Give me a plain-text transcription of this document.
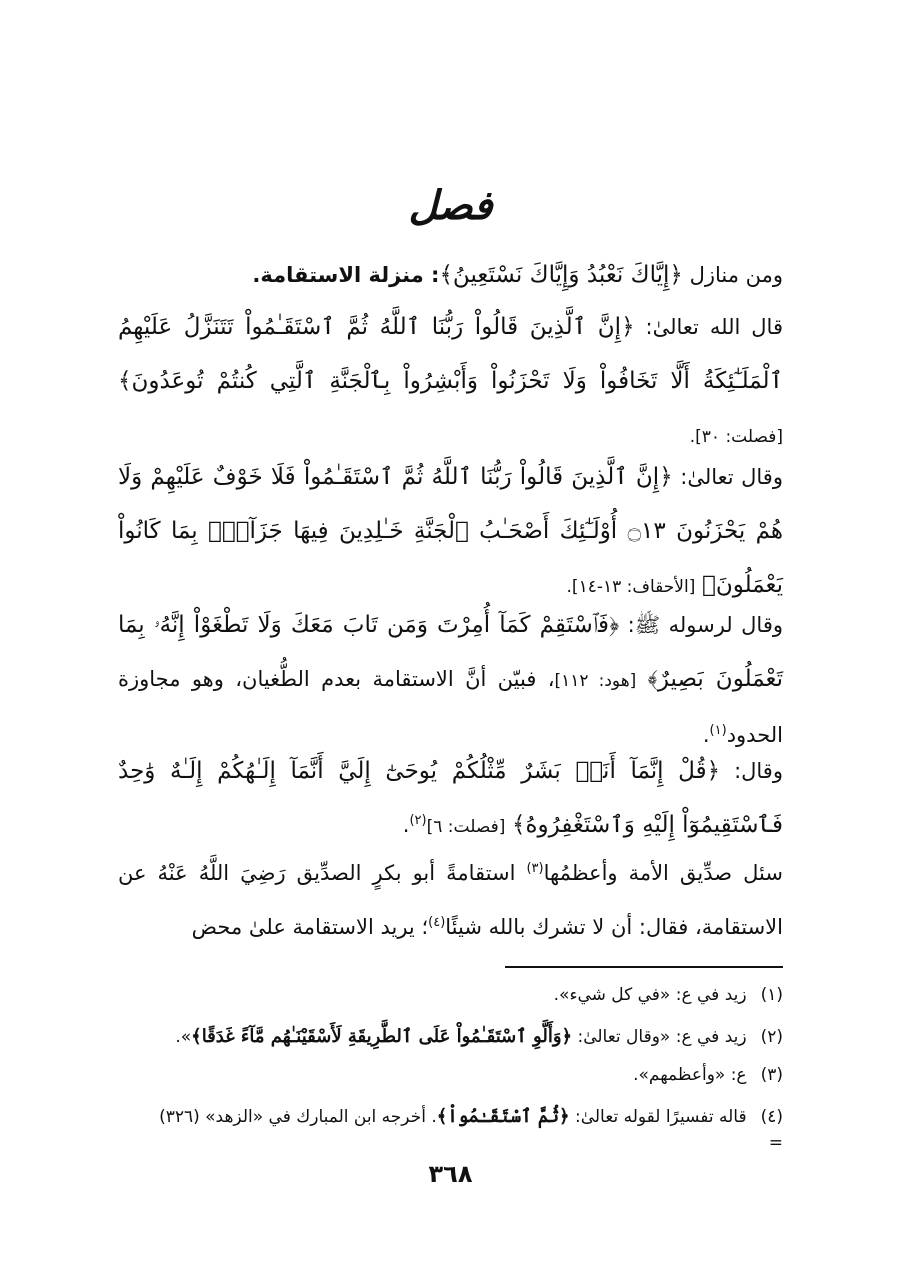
فصل
ومن منازل ﴿إِيَّاكَ نَعْبُدُ وَإِيَّاكَ نَسْتَعِينُ﴾: منزلة الاستقامة.
قال الله تعالىٰ: ﴿إِنَّ ٱلَّذِينَ قَالُواْ رَبُّنَا ٱللَّهُ ثُمَّ ٱسْتَقَـٰمُواْ تَتَنَزَّلُ عَلَيْهِمُ ٱلْمَلَـٰٓئِكَةُ أَلَّا تَخَافُواْ وَلَا تَحْزَنُواْ وَأَبْشِرُواْ بِٱلْجَنَّةِ ٱلَّتِي كُنتُمْ تُوعَدُونَ﴾ [فصلت: ٣٠].
وقال تعالىٰ: ﴿إِنَّ ٱلَّذِينَ قَالُواْ رَبُّنَا ٱللَّهُ ثُمَّ ٱسْتَقَـٰمُواْ فَلَا خَوْفٌ عَلَيْهِمْ وَلَا هُمْ يَحْزَنُونَ ۝١٣ أُوْلَـٰٓئِكَ أَصْحَـٰبُ ٱلْجَنَّةِ خَـٰلِدِينَ فِيهَا جَزَآءًۢ بِمَا كَانُواْ يَعْمَلُونَ﴾ [الأحقاف: ١٣-١٤].
وقال لرسوله ﷺ: ﴿فَٱسْتَقِمْ كَمَآ أُمِرْتَ وَمَن تَابَ مَعَكَ وَلَا تَطْغَوْاْ إِنَّهُۥ بِمَا تَعْمَلُونَ بَصِيرٌ﴾ [هود: ١١٢]، فبيّن أنَّ الاستقامة بعدم الطُّغيان، وهو مجاوزة الحدود$^{(١)}$.
وقال: ﴿قُلْ إِنَّمَآ أَنَا۠ بَشَرٌ مِّثْلُكُمْ يُوحَىٰٓ إِلَيَّ أَنَّمَآ إِلَـٰهُكُمْ إِلَـٰهٌ وَٰحِدٌ فَٱسْتَقِيمُوٓاْ إِلَيْهِ وَٱسْتَغْفِرُوهُ﴾ [فصلت: ٦]$^{(٢)}$.
سئل صدِّيق الأمة وأعظمُها$^{(٣)}$ استقامةً أبو بكرٍ الصدِّيق رَضِيَ اللَّهُ عَنْهُ عن الاستقامة، فقال: أن لا تشرك بالله شيئًا$^{(٤)}$؛ يريد الاستقامة علىٰ محض
(١)زيد في ع: «في كل شيء».
(٢)زيد في ع: «وقال تعالىٰ: ﴿وَأَلَّوِ ٱسْتَقَـٰمُواْ عَلَى ٱلطَّرِيقَةِ لَأَسْقَيْنَـٰهُم مَّآءً غَدَقًا﴾».
(٣)ع: «وأعظمهم».
(٤)قاله تفسيرًا لقوله تعالىٰ: ﴿ثُمَّ ٱسْتَقَـٰمُواْ﴾. أخرجه ابن المبارك في «الزهد» (٣٢٦)
=
٣٦٨
